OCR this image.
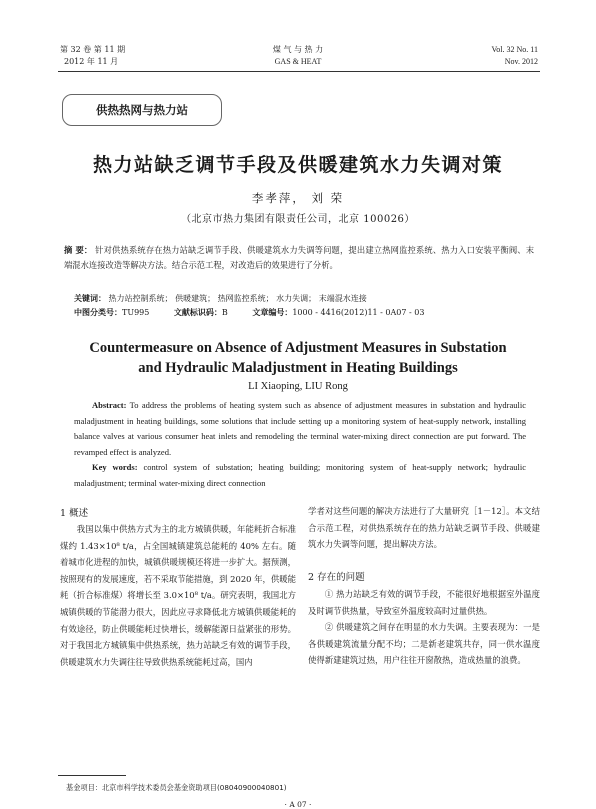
第 32 卷 第 11 期
2012 年 11 月
煤 气 与 热 力
GAS & HEAT
Vol. 32 No. 11
Nov. 2012
供热热网与热力站
热力站缺乏调节手段及供暖建筑水力失调对策
李孝萍， 刘 荣
（北京市热力集团有限责任公司，北京 100026）
摘 要： 针对供热系统存在热力站缺乏调节手段、供暖建筑水力失调等问题，提出建立热网监控系统、热力入口安装平衡阀、末端混水连接改造等解决方法。结合示范工程，对改造后的效果进行了分析。
关键词： 热力站控制系统； 供暖建筑； 热网监控系统； 水力失调； 末端混水连接
中图分类号：TU995	文献标识码：B	文章编号：1000 - 4416(2012)11 - 0A07 - 03
Countermeasure on Absence of Adjustment Measures in Substation
and Hydraulic Maladjustment in Heating Buildings
LI Xiaoping, LIU Rong
Abstract: To address the problems of heating system such as absence of adjustment measures in substation and hydraulic maladjustment in heating buildings, some solutions that include setting up a monitoring system of heat-supply network, installing balance valves at various consumer heat inlets and remodeling the terminal water-mixing direct connection are put forward. The revamped effect is analyzed.
Key words: control system of substation; heating building; monitoring system of heat-supply network; hydraulic maladjustment; terminal water-mixing direct connection
1 概述

我国以集中供热方式为主的北方城镇供暖，年能耗折合标准煤约 1.43×10⁸ t/a，占全国城镇建筑总能耗的 40% 左右。随着城市化进程的加快，城镇供暖规模还将进一步扩大。据预测，按照现有的发展速度，若不采取节能措施，到 2020 年，供暖能耗（折合标准煤）将增长至 3.0×10⁸ t/a。研究表明，我国北方城镇供暖的节能潜力很大，因此应寻求降低北方城镇供暖能耗的有效途径，防止供暖能耗过快增长，缓解能源日益紧张的形势。对于我国北方城镇集中供热系统，热力站缺乏有效的调节手段，供暖建筑水力失调往往导致供热系统能耗过高，国内

学者对这些问题的解决方法进行了大量研究［1－12］。本文结合示范工程，对供热系统存在的热力站缺乏调节手段、供暖建筑水力失调等问题，提出解决方法。

2 存在的问题

① 热力站缺乏有效的调节手段，不能很好地根据室外温度及时调节供热量，导致室外温度较高时过量供热。

② 供暖建筑之间存在明显的水力失调。主要表现为：一是各供暖建筑流量分配不均；二是新老建筑共存，同一供水温度使得新建建筑过热，用户往往开窗散热，造成热量的浪费。

基金项目：北京市科学技术委员会基金资助项目(08040900040801)
· A 07 ·
